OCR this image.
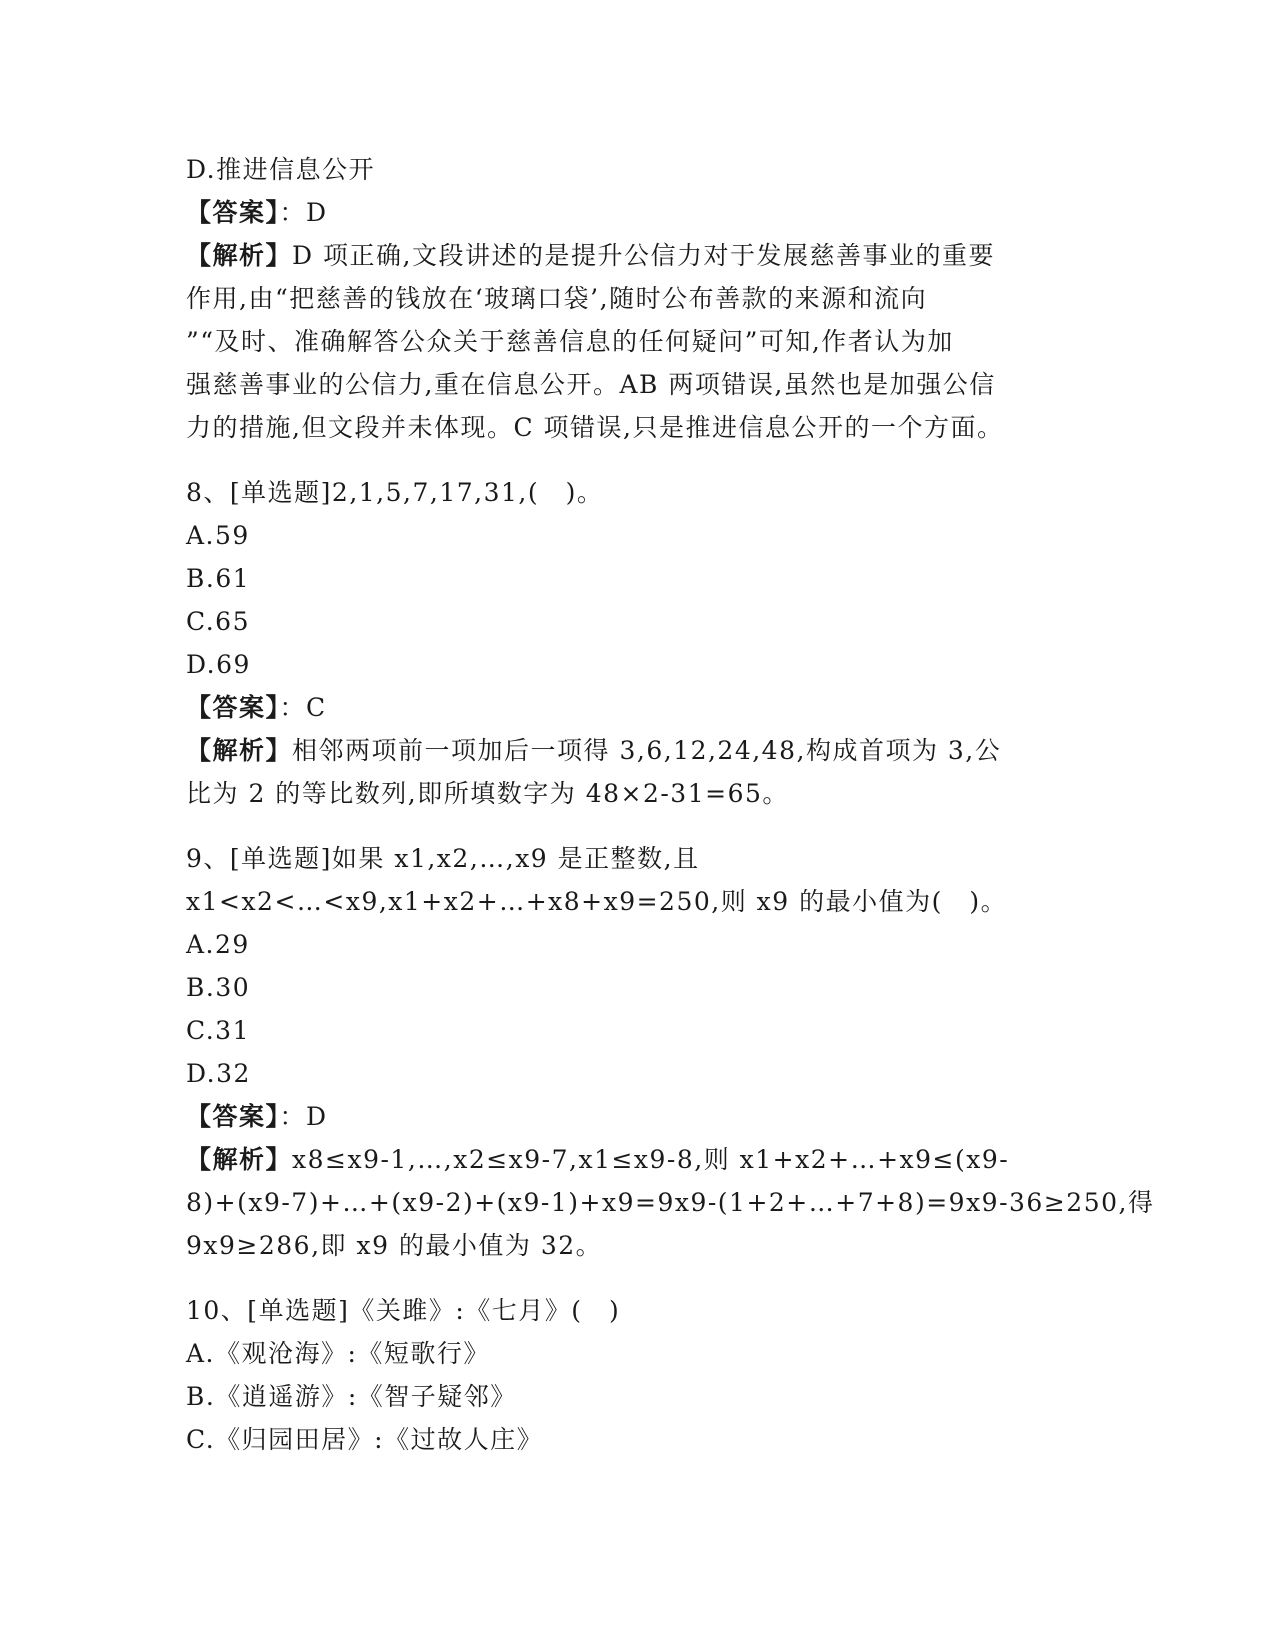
D.推进信息公开
【答案】：D
【解析】D 项正确,文段讲述的是提升公信力对于发展慈善事业的重要
作用,由“把慈善的钱放在‘玻璃口袋’,随时公布善款的来源和流向
”“及时、准确解答公众关于慈善信息的任何疑问”可知,作者认为加
强慈善事业的公信力,重在信息公开。AB 两项错误,虽然也是加强公信
力的措施,但文段并未体现。C 项错误,只是推进信息公开的一个方面。
8、[单选题]2,1,5,7,17,31,(　)。
A.59
B.61
C.65
D.69
【答案】：C
【解析】相邻两项前一项加后一项得 3,6,12,24,48,构成首项为 3,公
比为 2 的等比数列,即所填数字为 48×2-31=65。
9、[单选题]如果 x1,x2,…,x9 是正整数,且
x1<x2<…<x9,x1+x2+…+x8+x9=250,则 x9 的最小值为(　)。
A.29
B.30
C.31
D.32
【答案】：D
【解析】x8≤x9-1,…,x2≤x9-7,x1≤x9-8,则 x1+x2+…+x9≤(x9-
8)+(x9-7)+…+(x9-2)+(x9-1)+x9=9x9-(1+2+…+7+8)=9x9-36≥250,得
9x9≥286,即 x9 的最小值为 32。
10、[单选题]《关雎》:《七月》(　)
A.《观沧海》:《短歌行》
B.《逍遥游》:《智子疑邻》
C.《归园田居》:《过故人庄》
